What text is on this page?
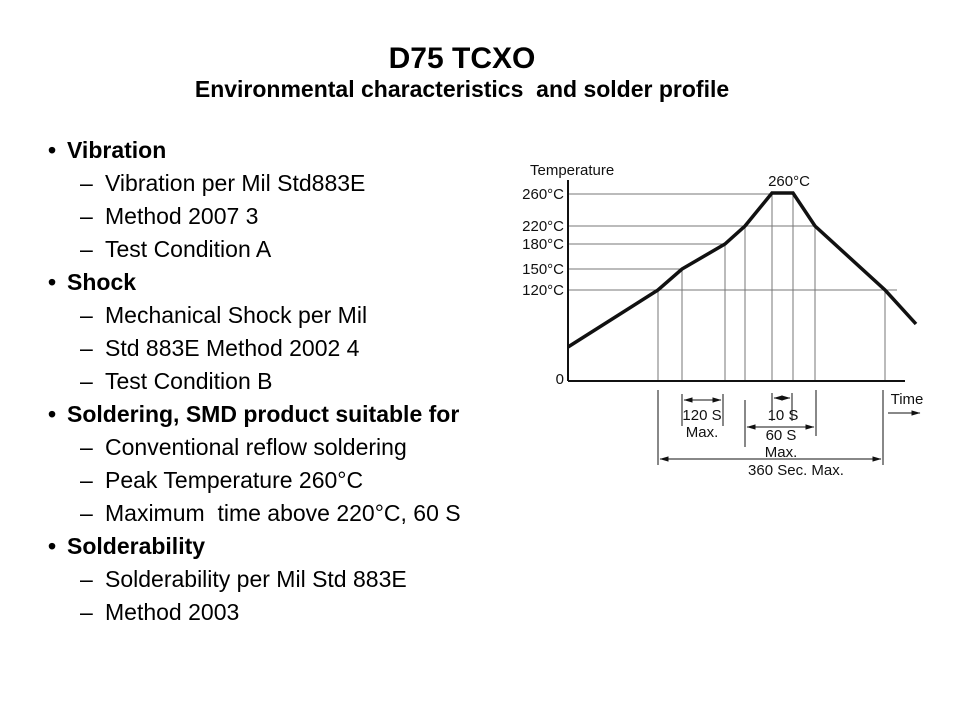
D75 TCXO
Environmental characteristics  and solder profile
• Vibration
– Vibration per Mil Std883E
– Method 2007 3
– Test Condition A
• Shock
– Mechanical Shock per Mil
– Std 883E Method 2002 4
– Test Condition B
• Soldering, SMD product suitable for
– Conventional reflow soldering
– Peak Temperature 260°C
– Maximum  time above 220°C, 60 S
• Solderability
– Solderability per Mil Std 883E
– Method 2003
260°C
220°C
180°C
150°C
120°C
Temperature
0
Time
260°C
120 S
Max.
10 S
60 S
Max.
360 Sec. Max.
